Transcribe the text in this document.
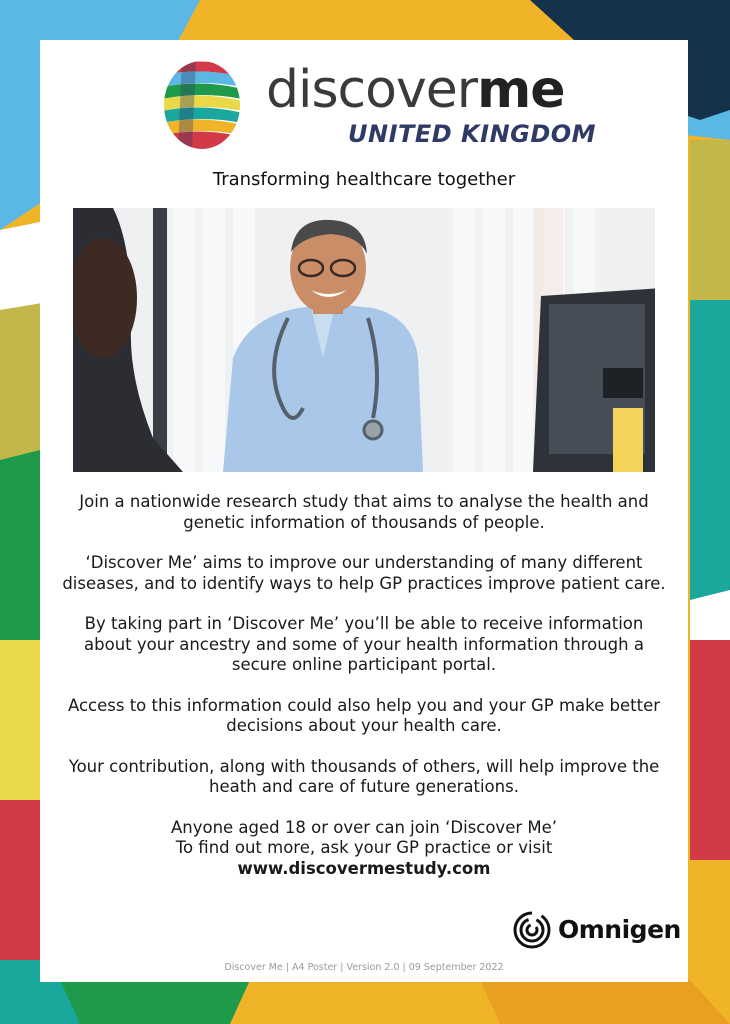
discoverme
UNITED KINGDOM
Transforming healthcare together

Join a nationwide research study that aims to analyse the health and genetic information of thousands of people.

‘Discover Me’ aims to improve our understanding of many different diseases, and to identify ways to help GP practices improve patient care.

By taking part in ‘Discover Me’ you’ll be able to receive information about your ancestry and some of your health information through a secure online participant portal.

Access to this information could also help you and your GP make better decisions about your health care.

Your contribution, along with thousands of others, will help improve the heath and care of future generations.

Anyone aged 18 or over can join ‘Discover Me’
To find out more, ask your GP practice or visit
www.discovermestudy.com
Omnigen
Discover Me | A4 Poster | Version 2.0 | 09 September 2022
